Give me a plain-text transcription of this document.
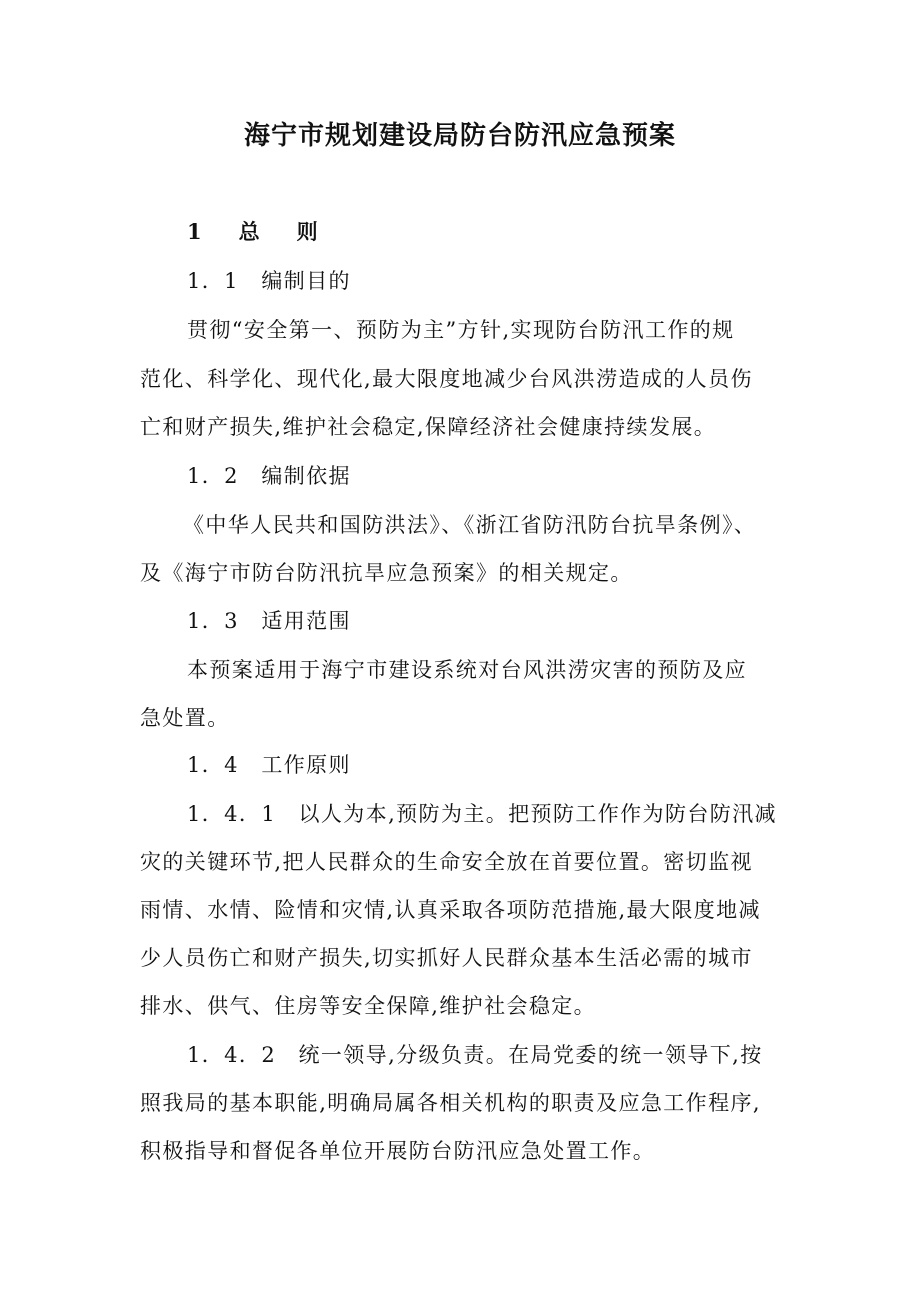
海宁市规划建设局防台防汛应急预案

1　总　则

1．1　编制目的

贯彻“安全第一、预防为主”方针,实现防台防汛工作的规

范化、科学化、现代化,最大限度地减少台风洪涝造成的人员伤

亡和财产损失,维护社会稳定,保障经济社会健康持续发展。

1．2　编制依据

《中华人民共和国防洪法》、《浙江省防汛防台抗旱条例》、

及《海宁市防台防汛抗旱应急预案》的相关规定。

1．3　适用范围

本预案适用于海宁市建设系统对台风洪涝灾害的预防及应

急处置。

1．4　工作原则

1．4．1　以人为本,预防为主。把预防工作作为防台防汛减

灾的关键环节,把人民群众的生命安全放在首要位置。密切监视

雨情、水情、险情和灾情,认真采取各项防范措施,最大限度地减

少人员伤亡和财产损失,切实抓好人民群众基本生活必需的城市

排水、供气、住房等安全保障,维护社会稳定。

1．4．2　统一领导,分级负责。在局党委的统一领导下,按

照我局的基本职能,明确局属各相关机构的职责及应急工作程序,

积极指导和督促各单位开展防台防汛应急处置工作。
